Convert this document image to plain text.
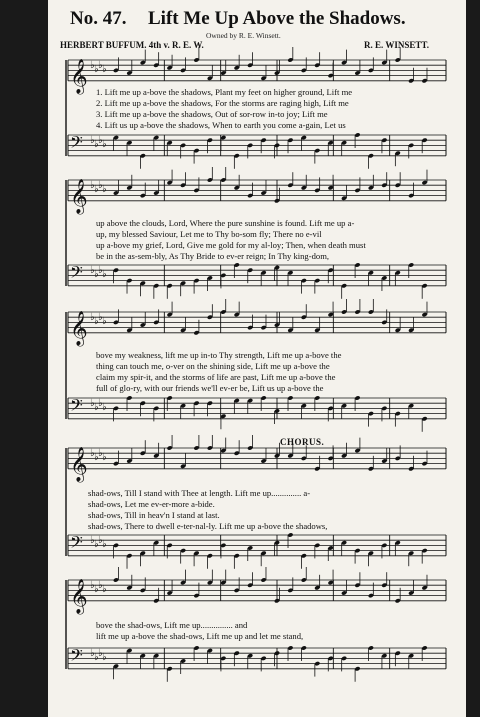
No. 47. Lift Me Up Above the Shadows.
Owned by R. E. Winsett.
HERBERT BUFFUM. 4th v. R. E. W.	R. E. WINSETT.
𝄞 ♭ ♭ ♭ ♭
𝄢 ♭ ♭ ♭ ♭
𝄞 ♭ ♭ ♭ ♭
𝄢 ♭ ♭ ♭ ♭
𝄞 ♭ ♭ ♭ ♭
𝄢 ♭ ♭ ♭ ♭
𝄞 ♭ ♭ ♭ ♭
𝄢 ♭ ♭ ♭ ♭
𝄞 ♭ ♭ ♭ ♭
𝄢 ♭ ♭ ♭ ♭
1. Lift me up a-bove the shadows, Plant my feet on higher ground, Lift me
2. Lift me up a-bove the shadows, For the storms are raging high, Lift me
3. Lift me up a-bove the shadows, Out of sor-row in-to joy; Lift me
4. Lift us up a-bove the shadows, When to earth you come a-gain, Let us
up above the clouds, Lord, Where the pure sunshine is found. Lift me up a-
up, my blessed Saviour, Let me to Thy bo-som fly; There no e-vil
up a-bove my grief, Lord, Give me gold for my al-loy; Then, when death must
be in the as-sem-bly, As Thy Bride to ev-er reign; In Thy king-dom,
bove my weakness, lift me up in-to Thy strength, Lift me up a-bove the
thing can touch me, o-ver on the shining side, Lift me up a-bove the
claim my spir-it, and the storms of life are past, Lift me up a-bove the
full of glo-ry, with our friends we'll ev-er be, Lift us up a-bove the
CHORUS.
shad-ows, Till I stand with Thee at length. Lift me up.............. a-
shad-ows, Let me ev-er-more a-bide.
shad-ows, Till in heav'n I stand at last.
shad-ows, There to dwell e-ter-nal-ly. Lift me up a-bove the shadows,
bove the shad-ows, Lift me up............... and
lift me up a-bove the shad-ows, Lift me up and let me stand,
